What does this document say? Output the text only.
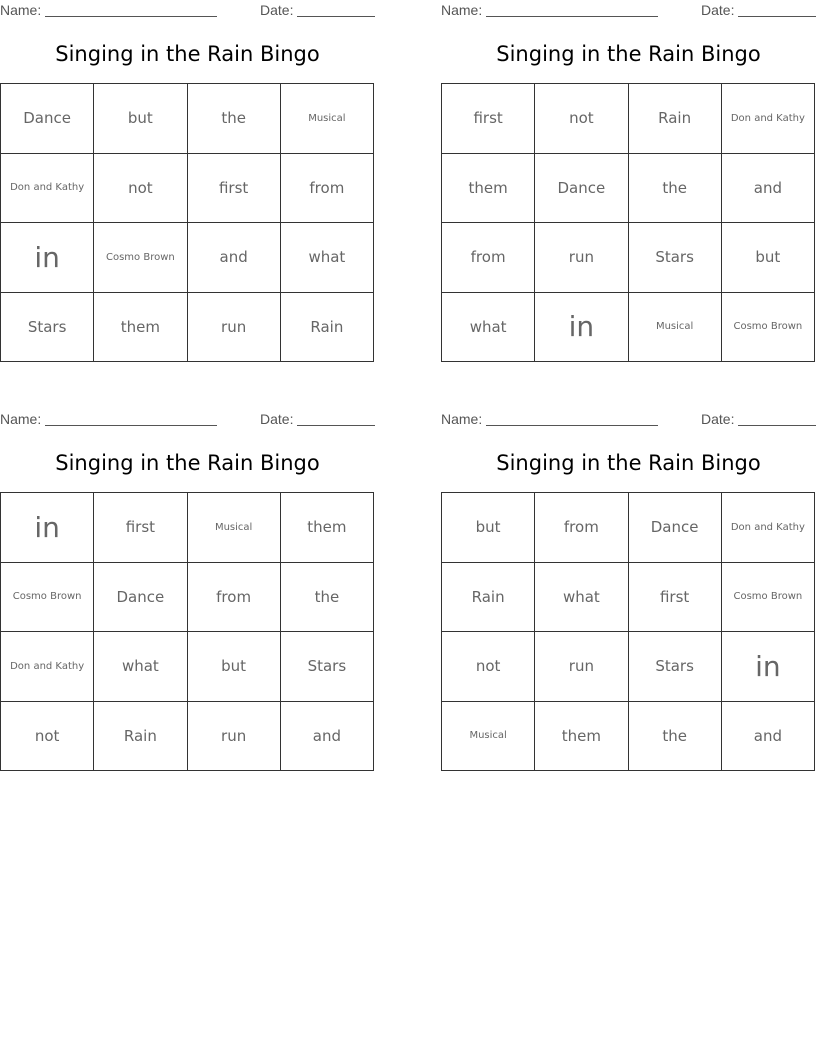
Name:	Date:
Singing in the Rain Bingo
Dance	but	the	Musical
Don and Kathy	not	first	from
in	Cosmo Brown	and	what
Stars	them	run	Rain
Name:	Date:
Singing in the Rain Bingo
first	not	Rain	Don and Kathy
them	Dance	the	and
from	run	Stars	but
what	in	Musical	Cosmo Brown
Name:	Date:
Singing in the Rain Bingo
in	first	Musical	them
Cosmo Brown	Dance	from	the
Don and Kathy	what	but	Stars
not	Rain	run	and
Name:	Date:
Singing in the Rain Bingo
but	from	Dance	Don and Kathy
Rain	what	first	Cosmo Brown
not	run	Stars	in
Musical	them	the	and
